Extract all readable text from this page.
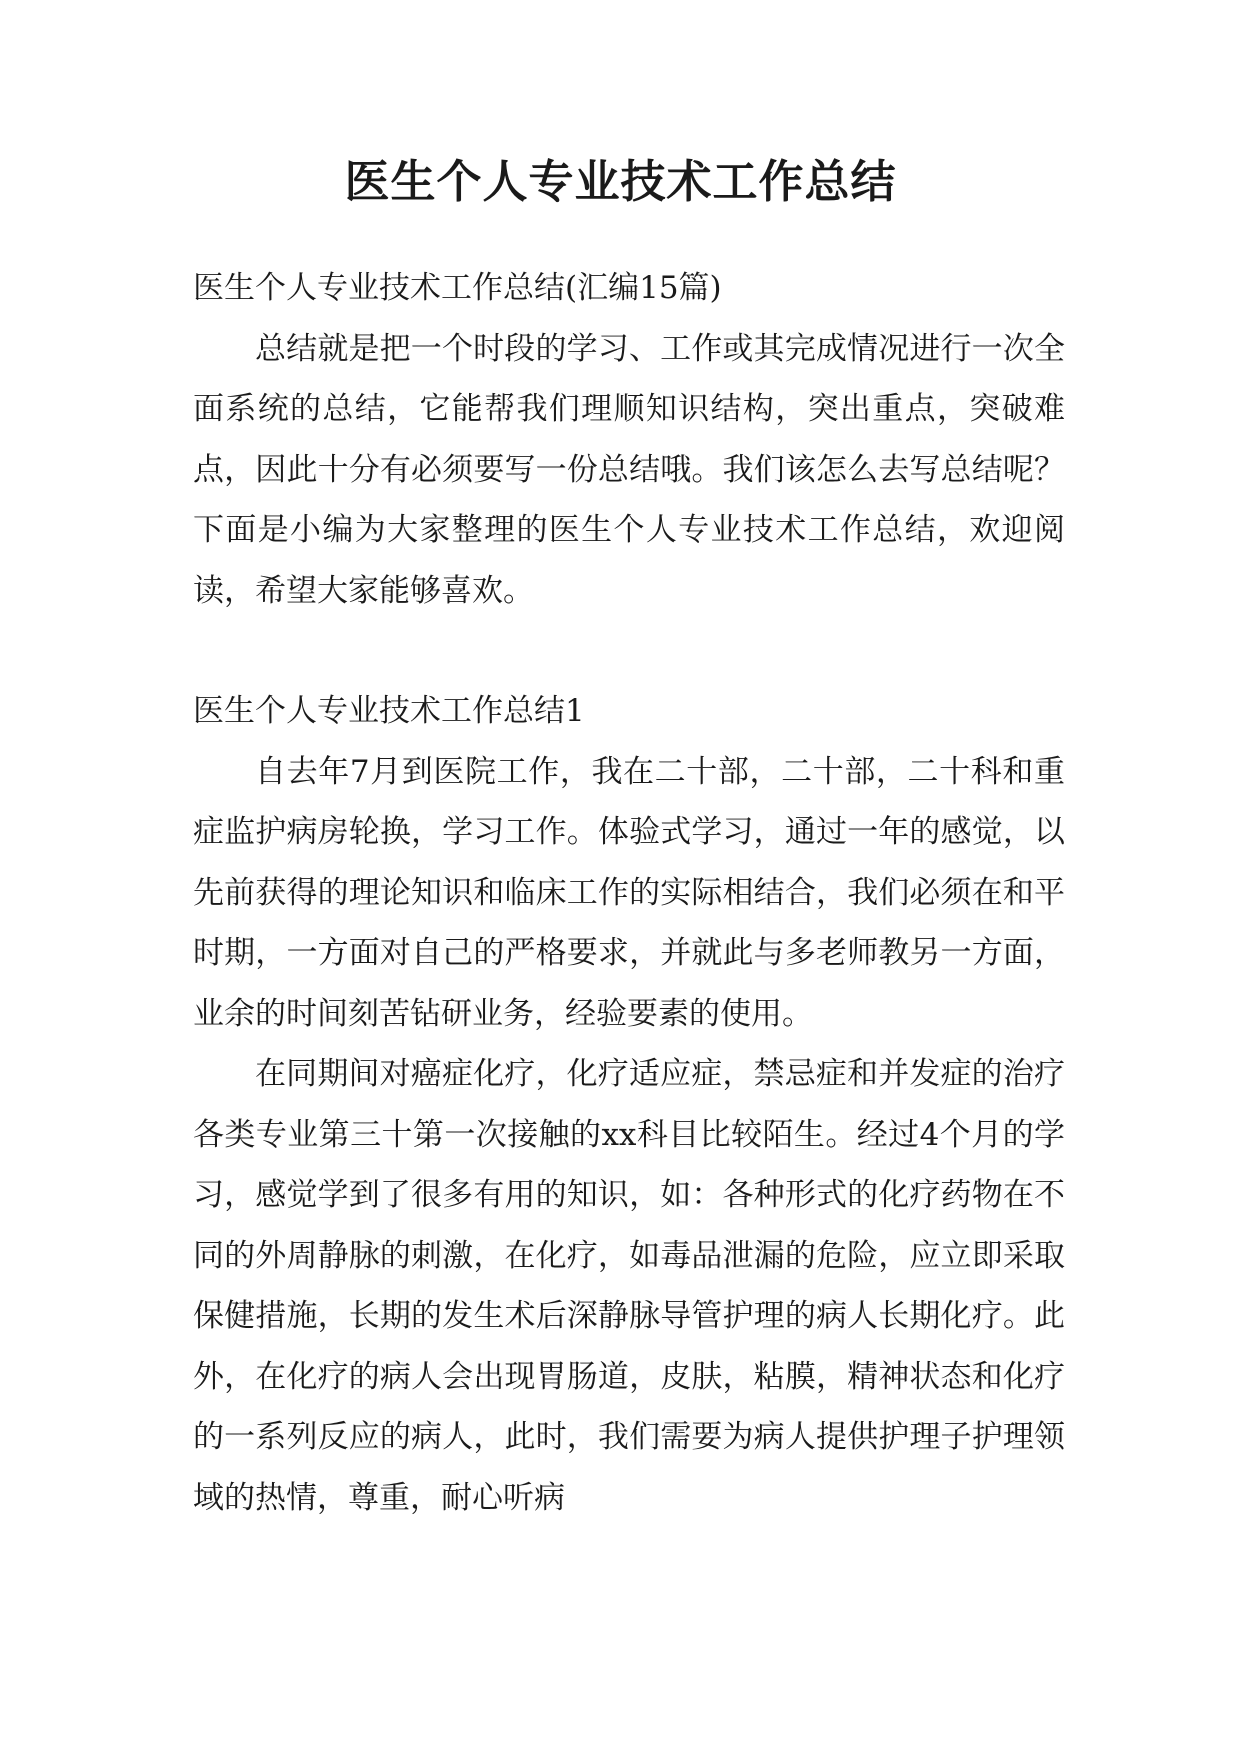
医生个人专业技术工作总结

医生个人专业技术工作总结(汇编15篇)

总结就是把一个时段的学习、工作或其完成情况进行一次全面系统的总结，它能帮我们理顺知识结构，突出重点，突破难点，因此十分有必须要写一份总结哦。我们该怎么去写总结呢？下面是小编为大家整理的医生个人专业技术工作总结，欢迎阅读，希望大家能够喜欢。

医生个人专业技术工作总结1

自去年7月到医院工作，我在二十部，二十部，二十科和重症监护病房轮换，学习工作。体验式学习，通过一年的感觉，以先前获得的理论知识和临床工作的实际相结合，我们必须在和平时期，一方面对自己的严格要求，并就此与多老师教另一方面，业余的时间刻苦钻研业务，经验要素的使用。

在同期间对癌症化疗，化疗适应症，禁忌症和并发症的治疗各类专业第三十第一次接触的xx科目比较陌生。经过4个月的学习，感觉学到了很多有用的知识，如：各种形式的化疗药物在不同的外周静脉的刺激，在化疗，如毒品泄漏的危险，应立即采取保健措施，长期的发生术后深静脉导管护理的病人长期化疗。此外，在化疗的病人会出现胃肠道，皮肤，粘膜，精神状态和化疗的一系列反应的病人，此时，我们需要为病人提供护理子护理领域的热情，尊重，耐心听病
